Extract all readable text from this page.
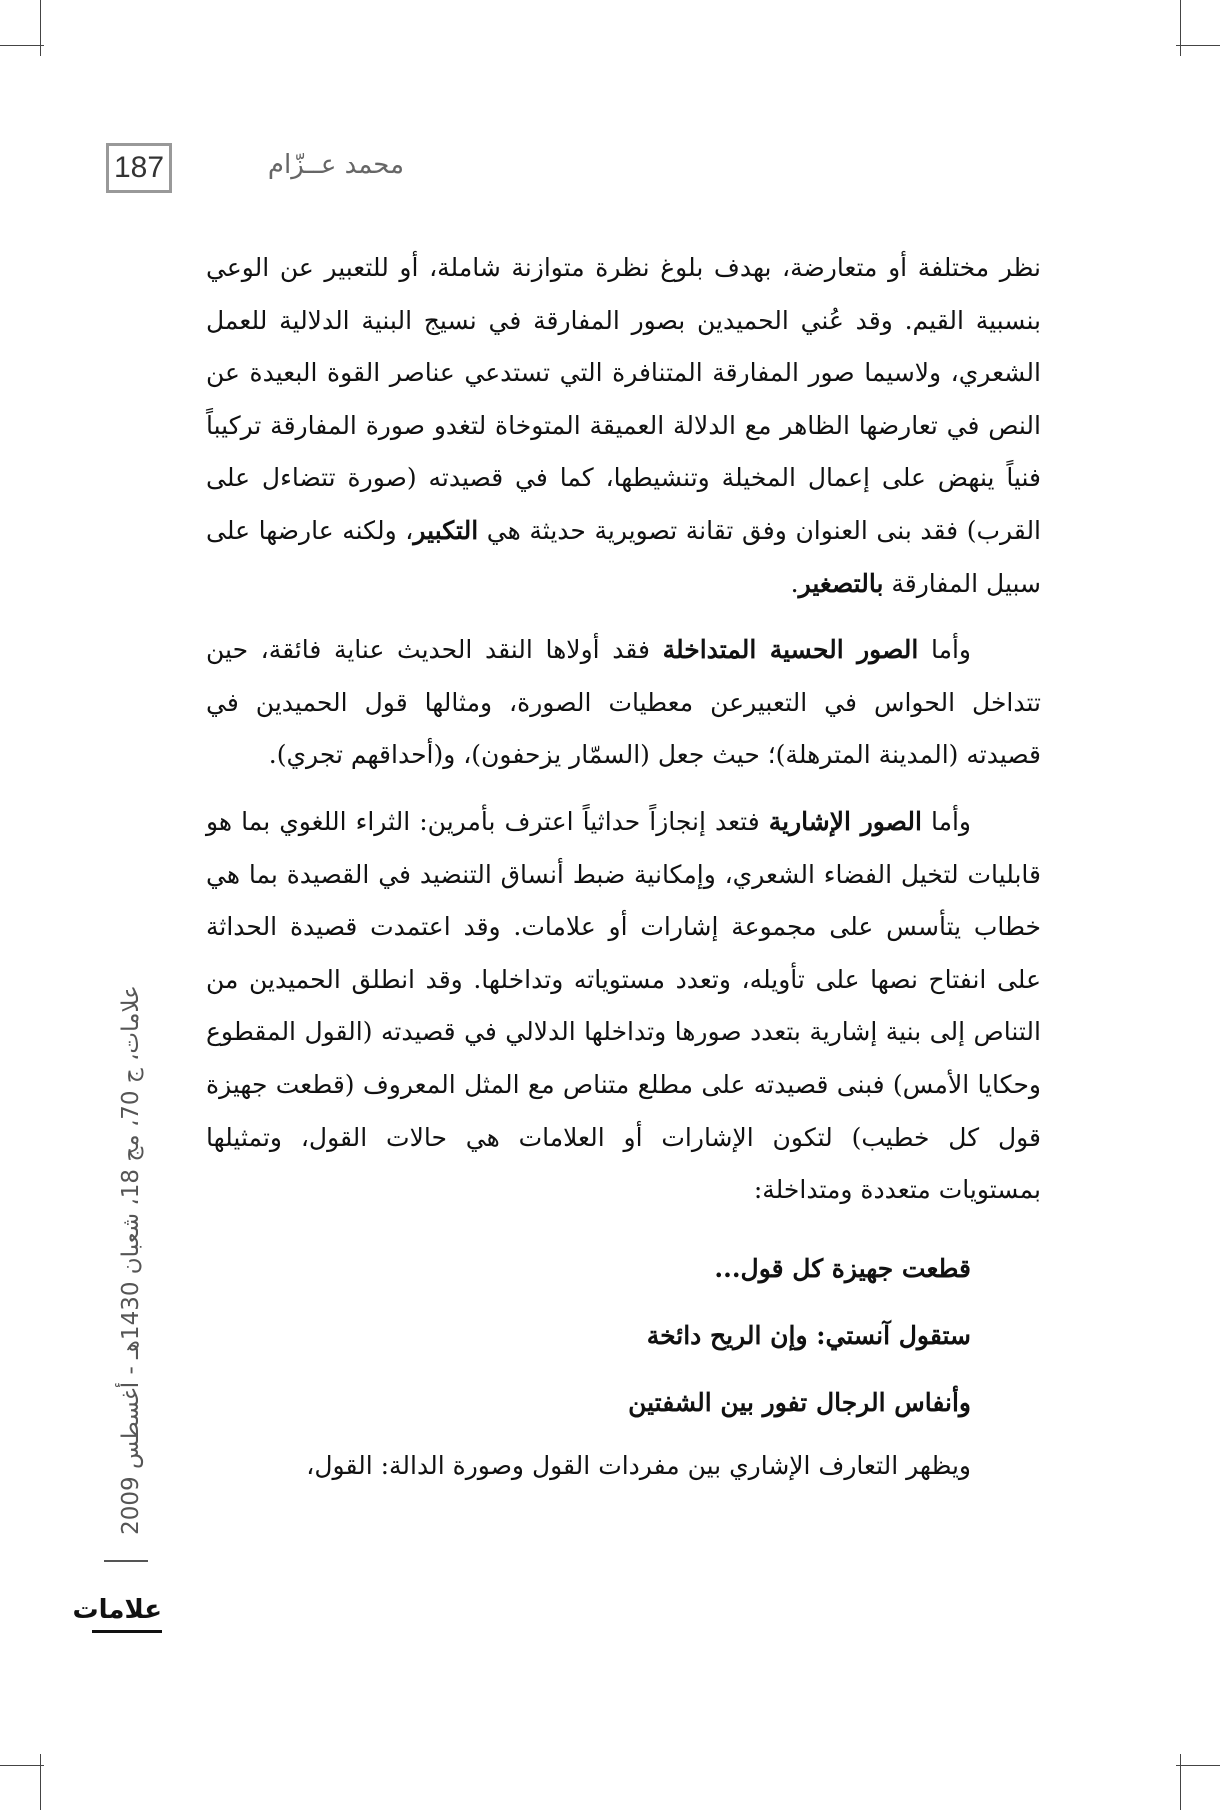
187	محمد عــزّام

نظر مختلفة أو متعارضة، بهدف بلوغ نظرة متوازنة شاملة، أو للتعبير عن الوعي بنسبية القيم. وقد عُني الحميدين بصور المفارقة في نسيج البنية الدلالية للعمل الشعري، ولاسيما صور المفارقة المتنافرة التي تستدعي عناصر القوة البعيدة عن النص في تعارضها الظاهر مع الدلالة العميقة المتوخاة لتغدو صورة المفارقة تركيباً فنياً ينهض على إعمال المخيلة وتنشيطها، كما في قصيدته (صورة تتضاءل على القرب) فقد بنى العنوان وفق تقانة تصويرية حديثة هي التكبير، ولكنه عارضها على سبيل المفارقة بالتصغير.

وأما الصور الحسية المتداخلة فقد أولاها النقد الحديث عناية فائقة، حين تتداخل الحواس في التعبيرعن معطيات الصورة، ومثالها قول الحميدين في قصيدته (المدينة المترهلة)؛ حيث جعل (السمّار يزحفون)، و(أحداقهم تجري).

وأما الصور الإشارية فتعد إنجازاً حداثياً اعترف بأمرين: الثراء اللغوي بما هو قابليات لتخيل الفضاء الشعري، وإمكانية ضبط أنساق التنضيد في القصيدة بما هي خطاب يتأسس على مجموعة إشارات أو علامات. وقد اعتمدت قصيدة الحداثة على انفتاح نصها على تأويله، وتعدد مستوياته وتداخلها. وقد انطلق الحميدين من التناص إلى بنية إشارية بتعدد صورها وتداخلها الدلالي في قصيدته (القول المقطوع وحكايا الأمس) فبنى قصيدته على مطلع متناص مع المثل المعروف (قطعت جهيزة قول كل خطيب) لتكون الإشارات أو العلامات هي حالات القول، وتمثيلها بمستويات متعددة ومتداخلة:

قطعت جهيزة كل قول...
ستقول آنستي: وإن الريح دائخة
وأنفاس الرجال تفور بين الشفتين

ويظهر التعارف الإشاري بين مفردات القول وصورة الدالة: القول،

علامات، ج 70، مج 18، شعبان 1430هـ - أغسطس 2009
علامات
